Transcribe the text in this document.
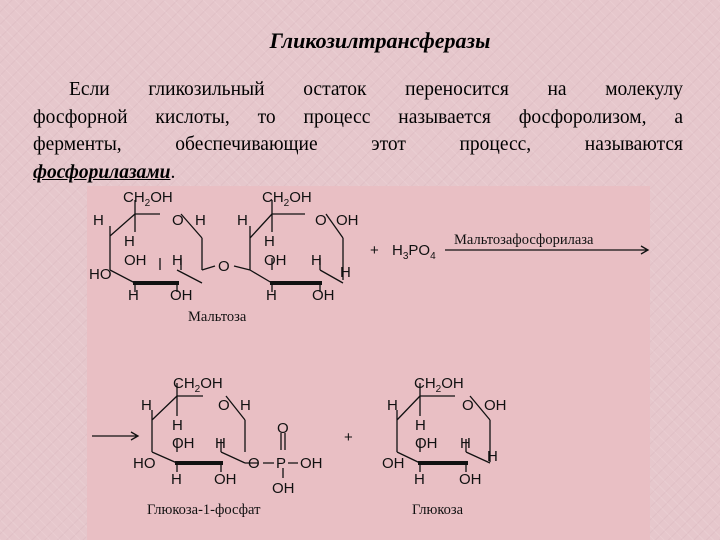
Гликозилтрансферазы
Если гликозильный остаток переносится на молекулу
фосфорной кислоты, то процесс называется фосфоролизом, а
ферменты, обеспечивающие этот процесс, называются
фосфорилазами.
$CH_2OH$
H	O H H
H
OH H
HO
H OH
O
$CH_2OH$
O OH
H
OH H
H
H OH
Мальтоза
+ $H_3PO_4$
Мальтозафосфорилаза
+
$CH_2OH$
H	O H
H
OH H
HO
H OH
O P
O
OH
OH
Глюкоза-1-фосфат
$CH_2OH$
H	O OH
H
OH H
OH	H
H OH
Глюкоза
